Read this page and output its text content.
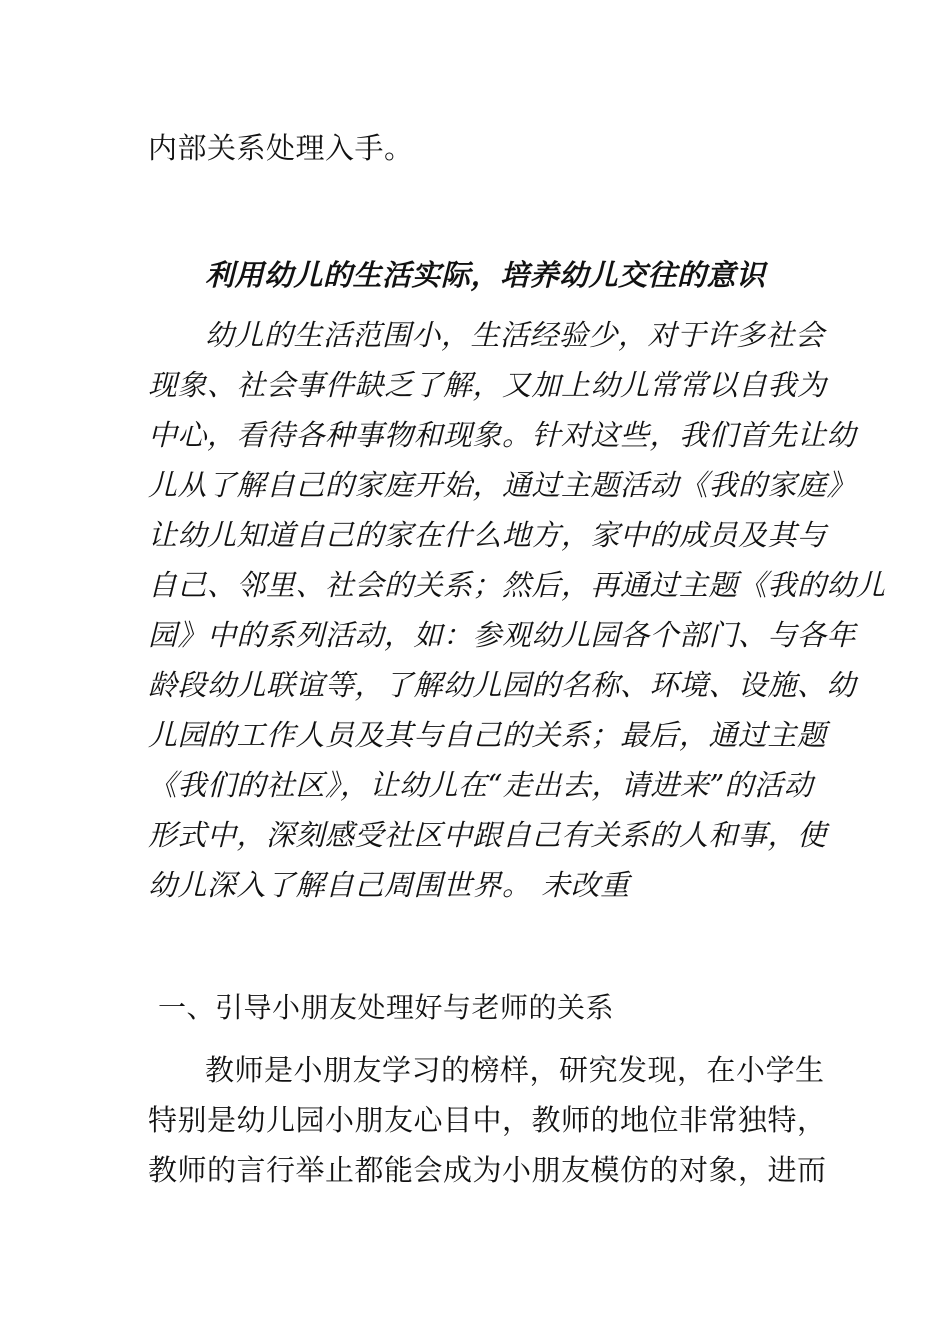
内部关系处理入手。
利用幼儿的生活实际，培养幼儿交往的意识
幼儿的生活范围小，生活经验少，对于许多社会
现象、社会事件缺乏了解，又加上幼儿常常以自我为
中心，看待各种事物和现象。针对这些，我们首先让幼
儿从了解自己的家庭开始，通过主题活动《我的家庭》
让幼儿知道自己的家在什么地方，家中的成员及其与
自己、邻里、社会的关系；然后，再通过主题《我的幼儿
园》中的系列活动，如：参观幼儿园各个部门、与各年
龄段幼儿联谊等，了解幼儿园的名称、环境、设施、幼
儿园的工作人员及其与自己的关系；最后，通过主题
《我们的社区》，让幼儿在“走出去，请进来”的活动
形式中，深刻感受社区中跟自己有关系的人和事，使
幼儿深入了解自己周围世界。 未改重
一、引导小朋友处理好与老师的关系
教师是小朋友学习的榜样，研究发现，在小学生
特别是幼儿园小朋友心目中，教师的地位非常独特，
教师的言行举止都能会成为小朋友模仿的对象，进而
